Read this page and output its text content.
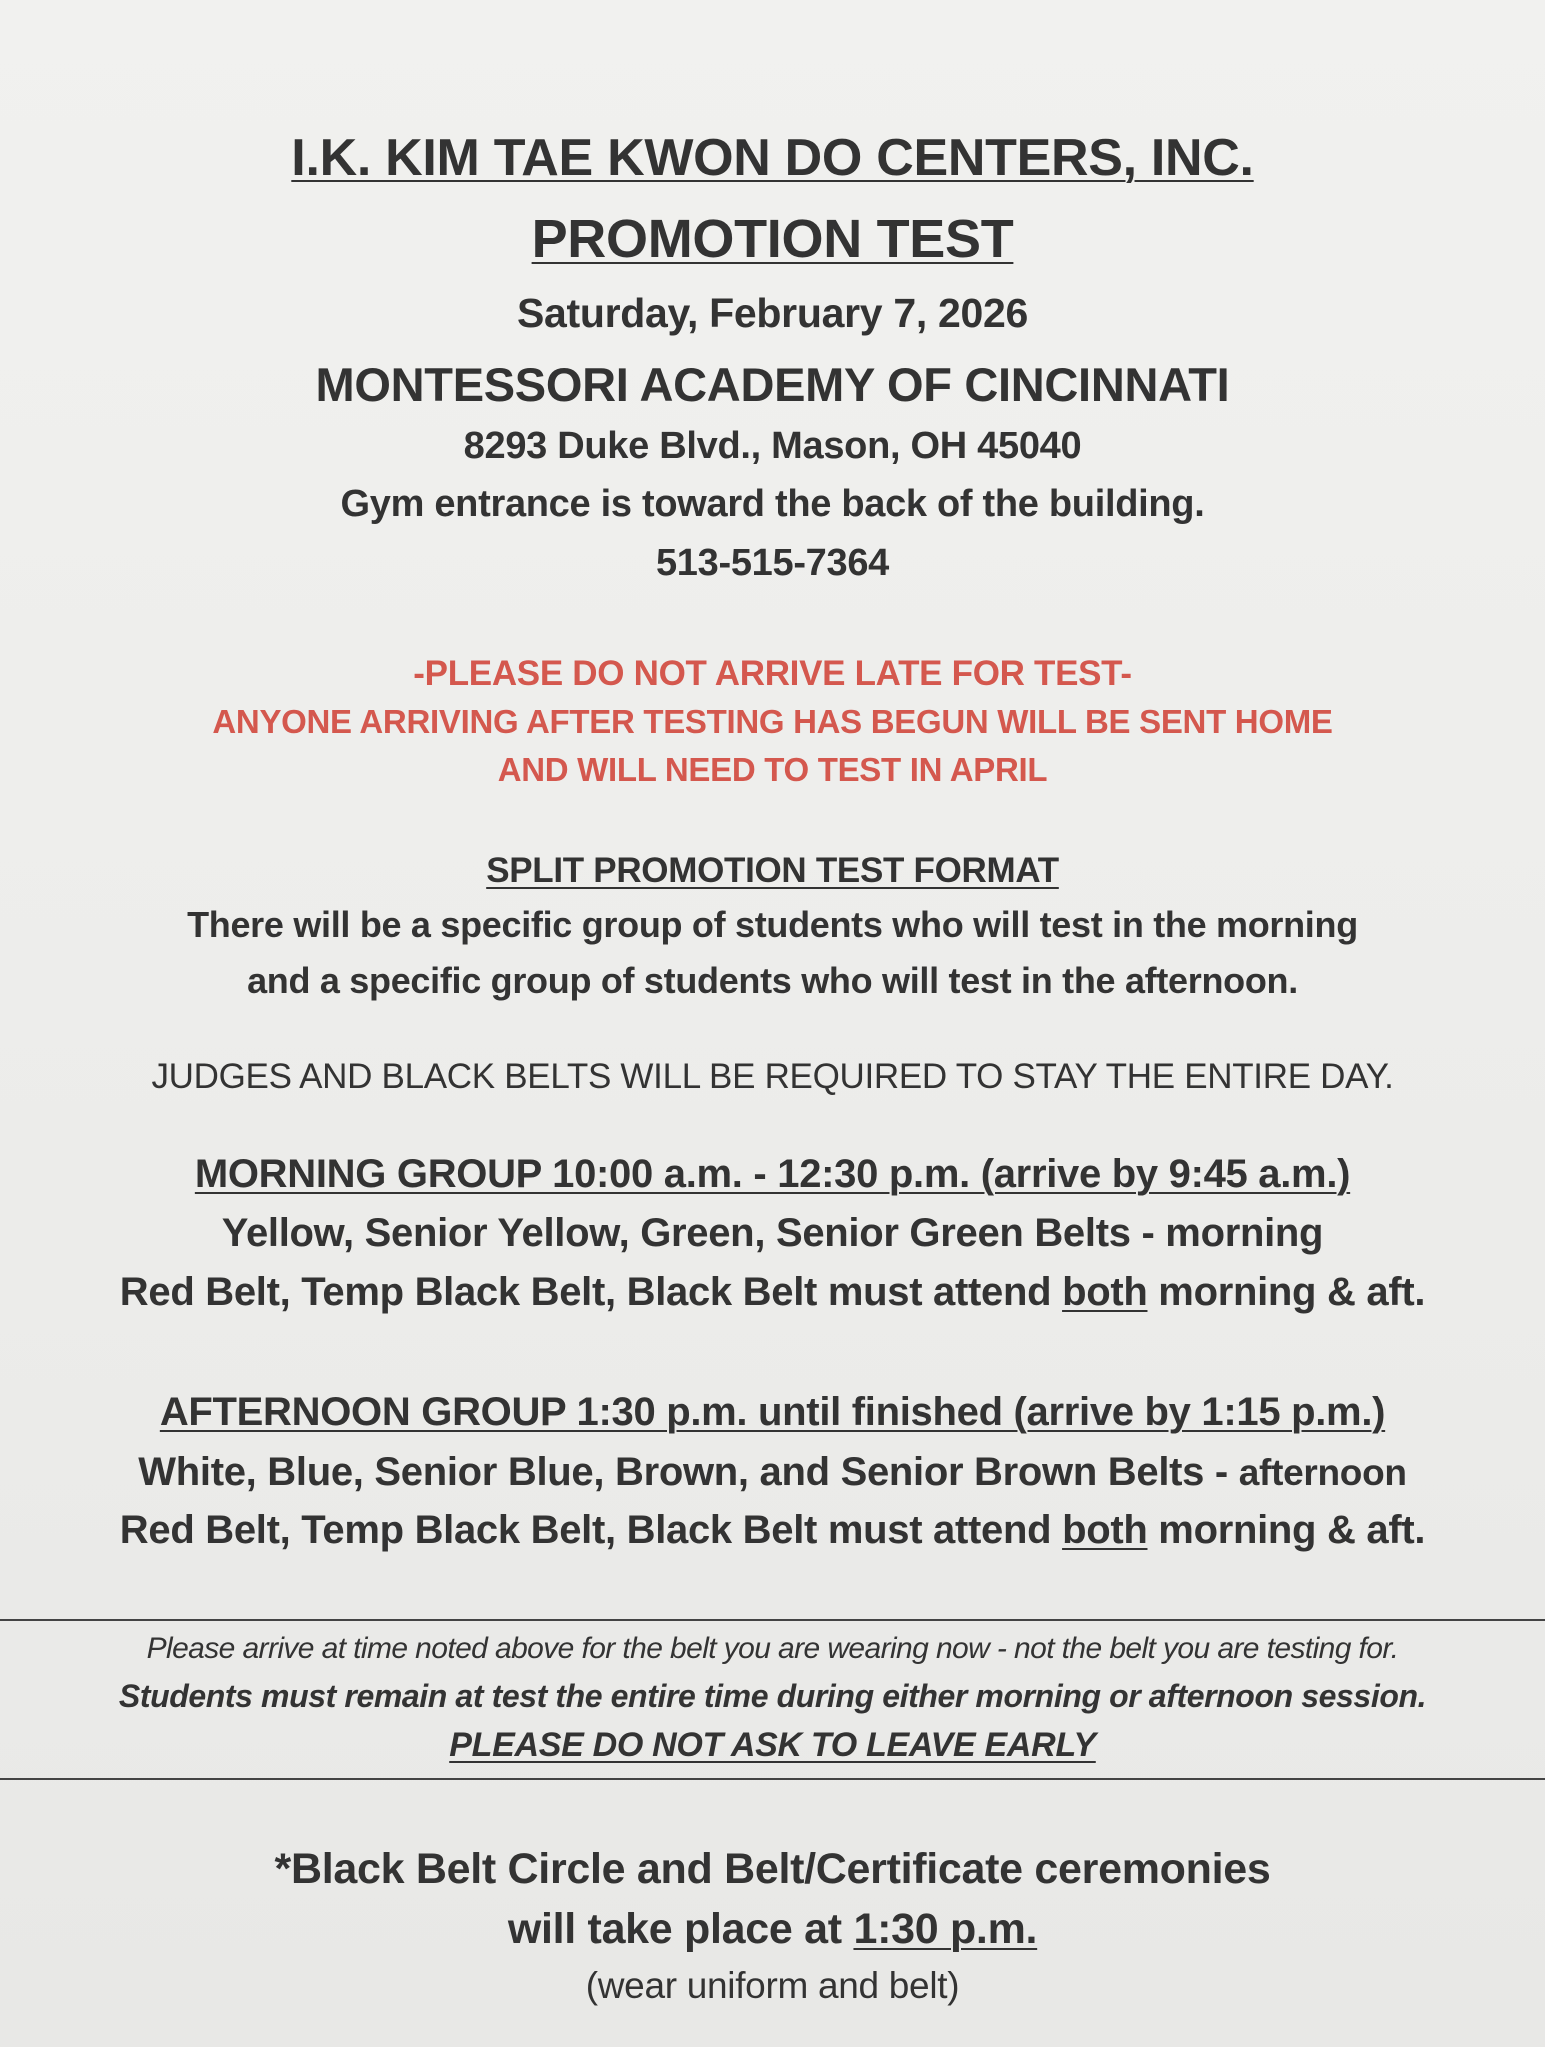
I.K. KIM TAE KWON DO CENTERS, INC.
PROMOTION TEST
Saturday, February 7, 2026
MONTESSORI ACADEMY OF CINCINNATI
8293 Duke Blvd., Mason, OH 45040
Gym entrance is toward the back of the building.
513-515-7364
-PLEASE DO NOT ARRIVE LATE FOR TEST-
ANYONE ARRIVING AFTER TESTING HAS BEGUN WILL BE SENT HOME
AND WILL NEED TO TEST IN APRIL
SPLIT PROMOTION TEST FORMAT
There will be a specific group of students who will test in the morning
and a specific group of students who will test in the afternoon.
JUDGES AND BLACK BELTS WILL BE REQUIRED TO STAY THE ENTIRE DAY.
MORNING GROUP 10:00 a.m. - 12:30 p.m. (arrive by 9:45 a.m.)
Yellow, Senior Yellow, Green, Senior Green Belts - morning
Red Belt, Temp Black Belt, Black Belt must attend both morning & aft.
AFTERNOON GROUP 1:30 p.m. until finished (arrive by 1:15 p.m.)
White, Blue, Senior Blue, Brown, and Senior Brown Belts - afternoon
Red Belt, Temp Black Belt, Black Belt must attend both morning & aft.
Please arrive at time noted above for the belt you are wearing now - not the belt you are testing for.
Students must remain at test the entire time during either morning or afternoon session.
PLEASE DO NOT ASK TO LEAVE EARLY
*Black Belt Circle and Belt/Certificate ceremonies
will take place at 1:30 p.m.
(wear uniform and belt)
